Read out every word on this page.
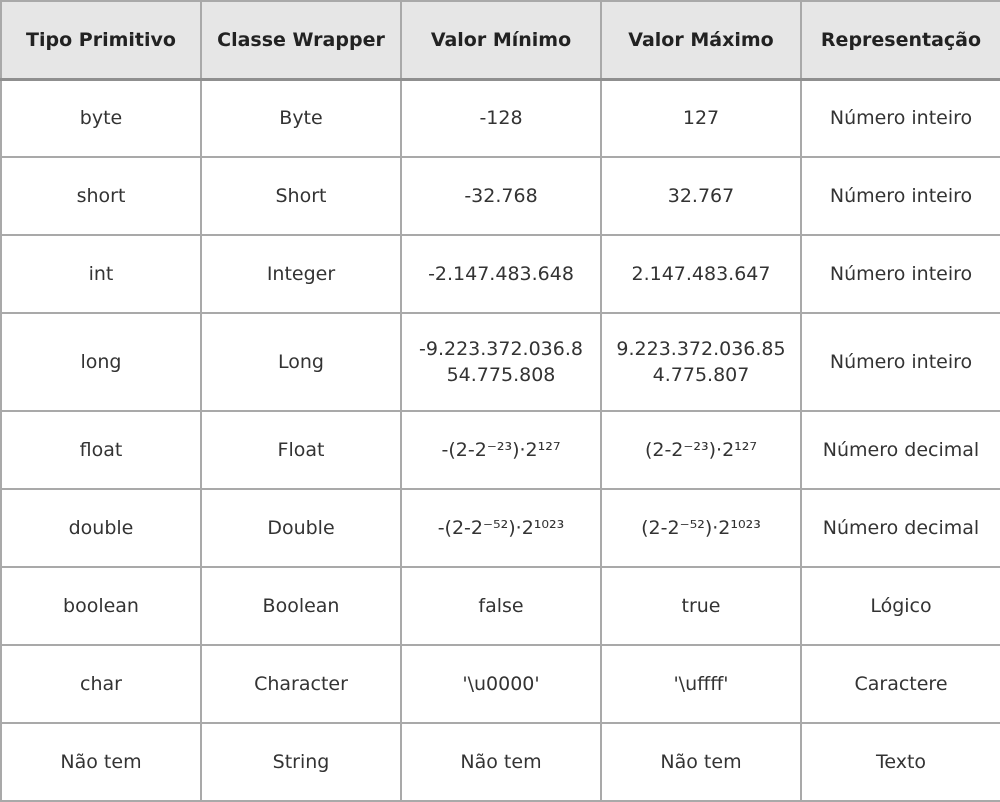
Tipo Primitivo	Classe Wrapper	Valor Mínimo	Valor Máximo	Representação
byte	Byte	-128	127	Número inteiro
short	Short	-32.768	32.767	Número inteiro
int	Integer	-2.147.483.648	2.147.483.647	Número inteiro
long	Long	-9.223.372.036.854.775.808	9.223.372.036.854.775.807	Número inteiro
float	Float	-(2-2⁻²³)·2¹²⁷	(2-2⁻²³)·2¹²⁷	Número decimal
double	Double	-(2-2⁻⁵²)·2¹⁰²³	(2-2⁻⁵²)·2¹⁰²³	Número decimal
boolean	Boolean	false	true	Lógico
char	Character	'\u0000'	'\uffff'	Caractere
Não tem	String	Não tem	Não tem	Texto
